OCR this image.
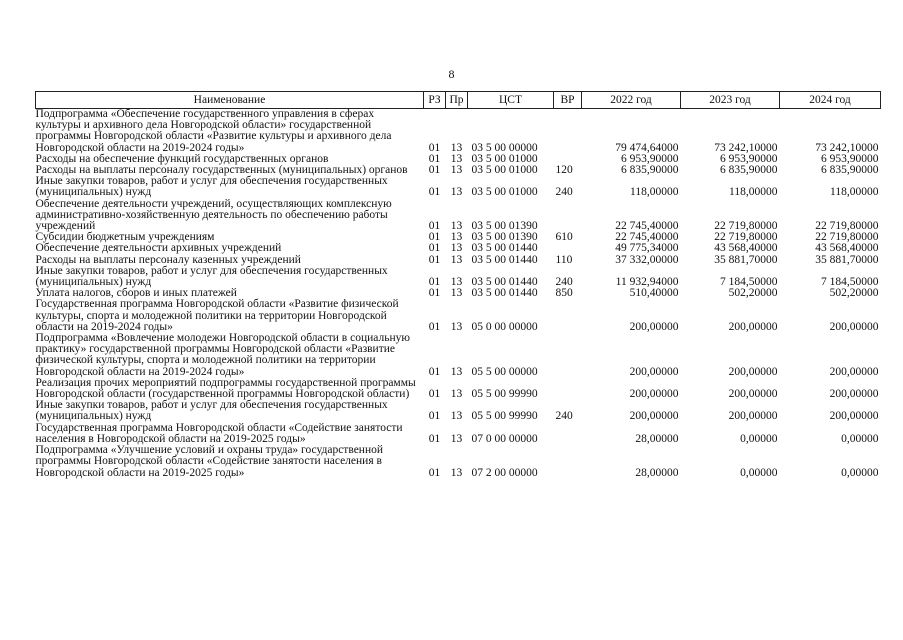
8
Наименование	РЗ	Пр	ЦСТ	ВР	2022 год	2023 год	2024 год
Подпрограмма «Обеспечение государственного управления в сферах культуры и архивного дела Новгородской области» государственной программы Новгородской области «Развитие культуры и архивного дела Новгородской области на 2019-2024 годы»	01	13	03 5 00 00000		79 474,64000	73 242,10000	73 242,10000
Расходы на обеспечение функций государственных органов	01	13	03 5 00 01000		6 953,90000	6 953,90000	6 953,90000
Расходы на выплаты персоналу государственных (муниципальных) органов	01	13	03 5 00 01000	120	6 835,90000	6 835,90000	6 835,90000
Иные закупки товаров, работ и услуг для обеспечения государственных (муниципальных) нужд	01	13	03 5 00 01000	240	118,00000	118,00000	118,00000
Обеспечение деятельности учреждений, осуществляющих комплексную административно-хозяйственную деятельность по обеспечению работы учреждений	01	13	03 5 00 01390		22 745,40000	22 719,80000	22 719,80000
Субсидии бюджетным учреждениям	01	13	03 5 00 01390	610	22 745,40000	22 719,80000	22 719,80000
Обеспечение деятельности архивных учреждений	01	13	03 5 00 01440		49 775,34000	43 568,40000	43 568,40000
Расходы на выплаты персоналу казенных учреждений	01	13	03 5 00 01440	110	37 332,00000	35 881,70000	35 881,70000
Иные закупки товаров, работ и услуг для обеспечения государственных (муниципальных) нужд	01	13	03 5 00 01440	240	11 932,94000	7 184,50000	7 184,50000
Уплата налогов, сборов и иных платежей	01	13	03 5 00 01440	850	510,40000	502,20000	502,20000
Государственная программа Новгородской области «Развитие физической культуры, спорта и молодежной политики на территории Новгородской области на 2019-2024 годы»	01	13	05 0 00 00000		200,00000	200,00000	200,00000
Подпрограмма «Вовлечение молодежи Новгородской области в социальную практику» государственной программы Новгородской области «Развитие физической культуры, спорта и молодежной политики на территории Новгородской области на 2019-2024 годы»	01	13	05 5 00 00000		200,00000	200,00000	200,00000
Реализация прочих мероприятий подпрограммы государственной программы Новгородской области (государственной программы Новгородской области)	01	13	05 5 00 99990		200,00000	200,00000	200,00000
Иные закупки товаров, работ и услуг для обеспечения государственных (муниципальных) нужд	01	13	05 5 00 99990	240	200,00000	200,00000	200,00000
Государственная программа Новгородской области «Содействие занятости населения в Новгородской области на 2019-2025 годы»	01	13	07 0 00 00000		28,00000	0,00000	0,00000
Подпрограмма «Улучшение условий и охраны труда» государственной программы Новгородской области «Содействие занятости населения в Новгородской области на 2019-2025 годы»	01	13	07 2 00 00000		28,00000	0,00000	0,00000
